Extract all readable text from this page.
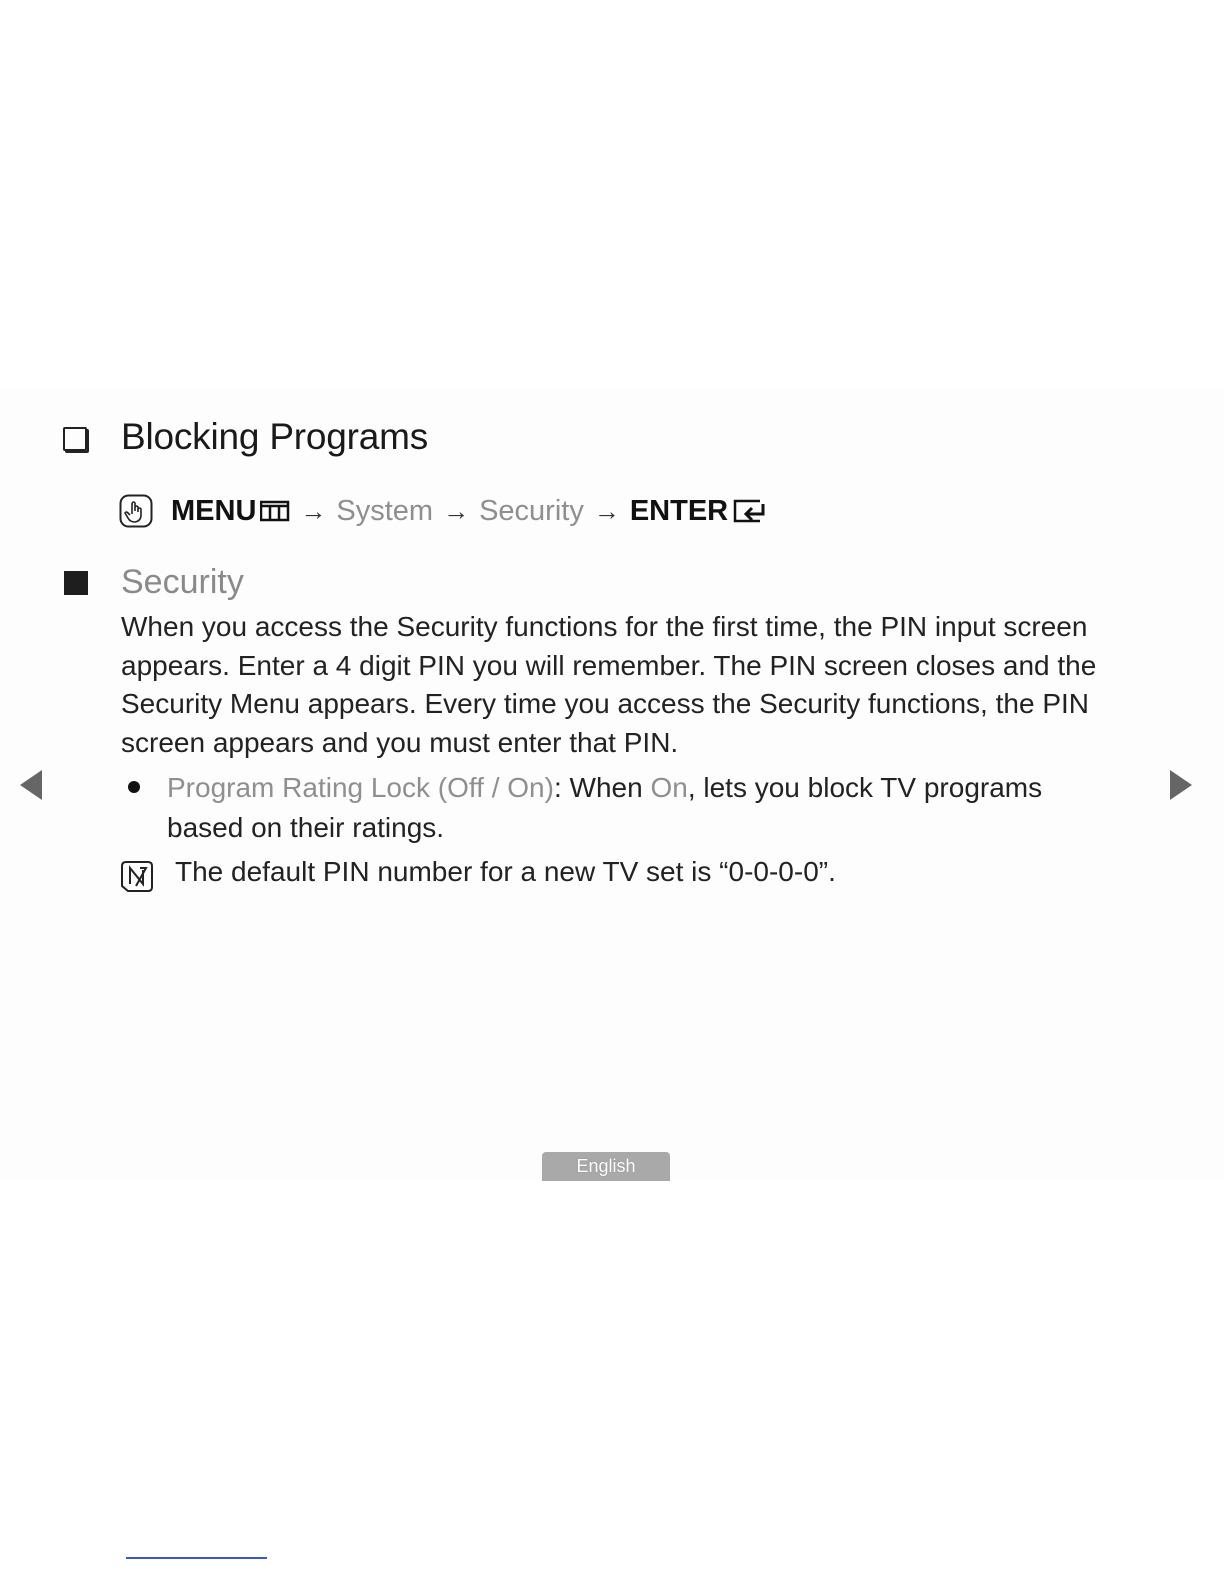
Blocking Programs
MENU → System → Security → ENTER
Security

When you access the Security functions for the first time, the PIN input screen appears. Enter a 4 digit PIN you will remember. The PIN screen closes and the Security Menu appears. Every time you access the Security functions, the PIN screen appears and you must enter that PIN.

Program Rating Lock (Off / On): When On, lets you block TV programs based on their ratings.

The default PIN number for a new TV set is “0-0-0-0”.
English
